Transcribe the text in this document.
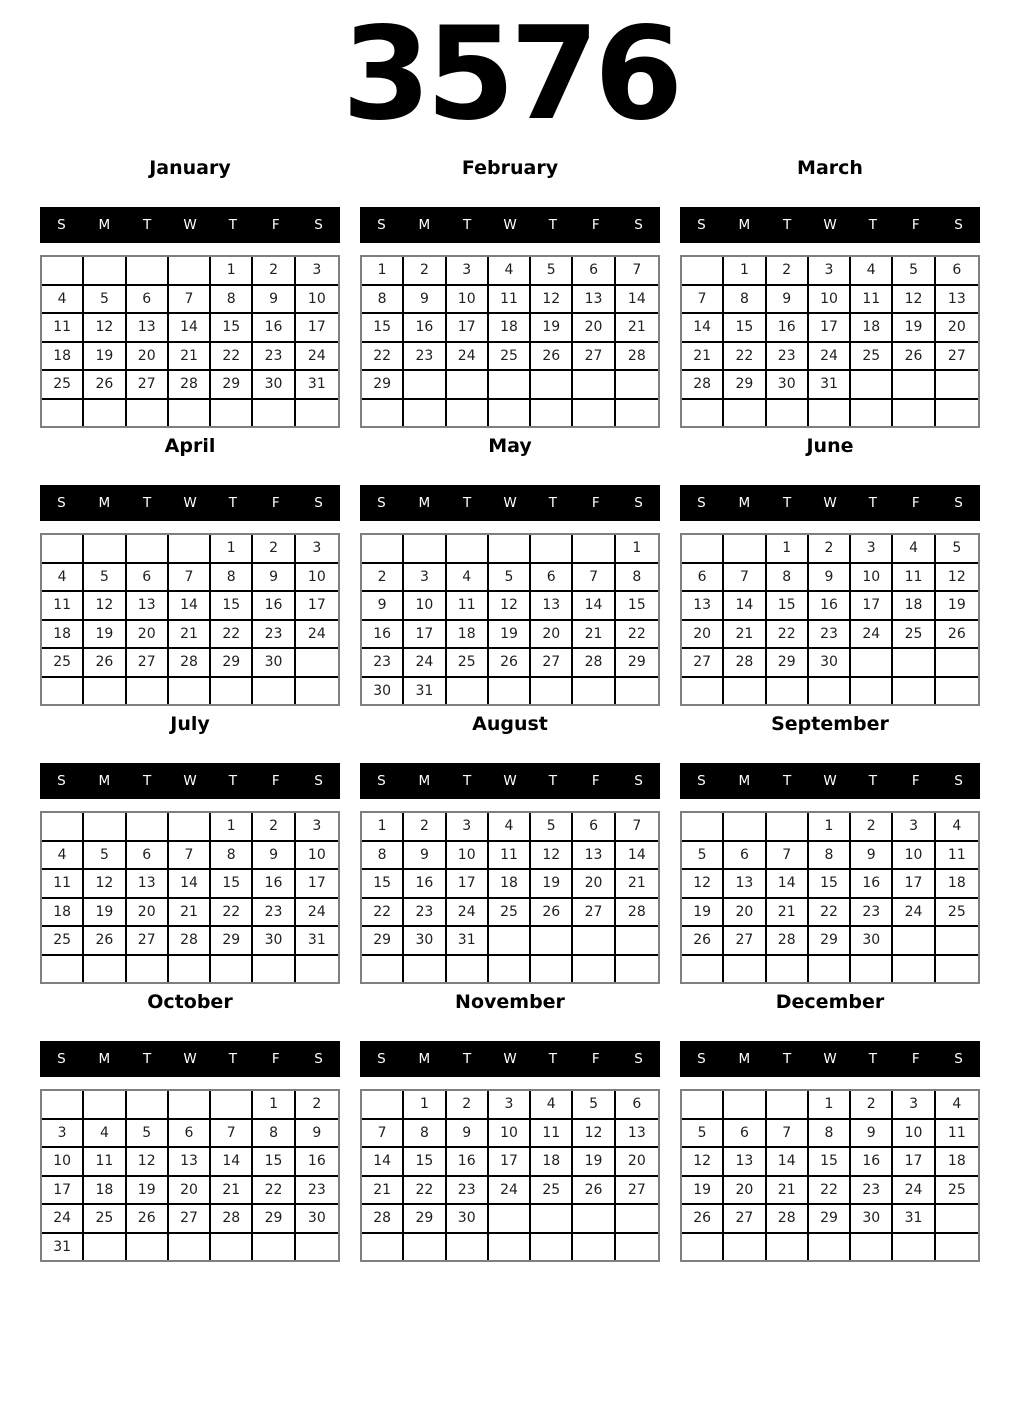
3576
January
S	M	T	W	T	F	S
				1	2	3
4	5	6	7	8	9	10
11	12	13	14	15	16	17
18	19	20	21	22	23	24
25	26	27	28	29	30	31

February
S	M	T	W	T	F	S
1	2	3	4	5	6	7
8	9	10	11	12	13	14
15	16	17	18	19	20	21
22	23	24	25	26	27	28
29						

March
S	M	T	W	T	F	S
	1	2	3	4	5	6
7	8	9	10	11	12	13
14	15	16	17	18	19	20
21	22	23	24	25	26	27
28	29	30	31			

April
S	M	T	W	T	F	S
				1	2	3
4	5	6	7	8	9	10
11	12	13	14	15	16	17
18	19	20	21	22	23	24
25	26	27	28	29	30	

May
S	M	T	W	T	F	S
						1
2	3	4	5	6	7	8
9	10	11	12	13	14	15
16	17	18	19	20	21	22
23	24	25	26	27	28	29
30	31					
June
S	M	T	W	T	F	S
		1	2	3	4	5
6	7	8	9	10	11	12
13	14	15	16	17	18	19
20	21	22	23	24	25	26
27	28	29	30			

July
S	M	T	W	T	F	S
				1	2	3
4	5	6	7	8	9	10
11	12	13	14	15	16	17
18	19	20	21	22	23	24
25	26	27	28	29	30	31

August
S	M	T	W	T	F	S
1	2	3	4	5	6	7
8	9	10	11	12	13	14
15	16	17	18	19	20	21
22	23	24	25	26	27	28
29	30	31				

September
S	M	T	W	T	F	S
			1	2	3	4
5	6	7	8	9	10	11
12	13	14	15	16	17	18
19	20	21	22	23	24	25
26	27	28	29	30		

October
S	M	T	W	T	F	S
					1	2
3	4	5	6	7	8	9
10	11	12	13	14	15	16
17	18	19	20	21	22	23
24	25	26	27	28	29	30
31						
November
S	M	T	W	T	F	S
	1	2	3	4	5	6
7	8	9	10	11	12	13
14	15	16	17	18	19	20
21	22	23	24	25	26	27
28	29	30				

December
S	M	T	W	T	F	S
			1	2	3	4
5	6	7	8	9	10	11
12	13	14	15	16	17	18
19	20	21	22	23	24	25
26	27	28	29	30	31	
